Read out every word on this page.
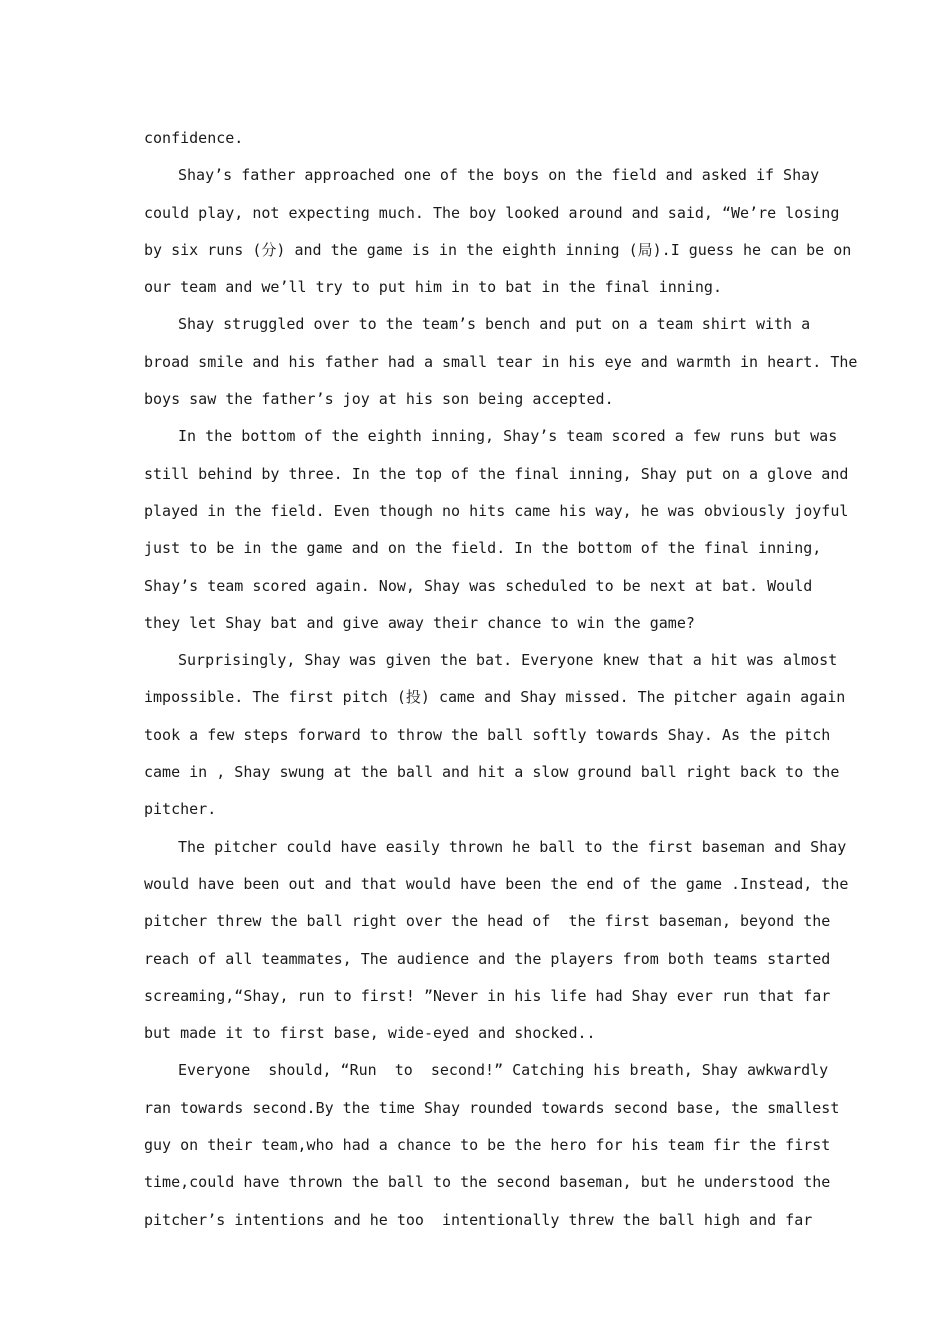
confidence.
Shay’s father approached one of the boys on the field and asked if Shay
could play, not expecting much. The boy looked around and said, “We’re losing
by six runs (分) and the game is in the eighth inning (局).I guess he can be on
our team and we’ll try to put him in to bat in the final inning.
Shay struggled over to the team’s bench and put on a team shirt with a
broad smile and his father had a small tear in his eye and warmth in heart. The
boys saw the father’s joy at his son being accepted.
In the bottom of the eighth inning, Shay’s team scored a few runs but was
still behind by three. In the top of the final inning, Shay put on a glove and
played in the field. Even though no hits came his way, he was obviously joyful
just to be in the game and on the field. In the bottom of the final inning,
Shay’s team scored again. Now, Shay was scheduled to be next at bat. Would
they let Shay bat and give away their chance to win the game?
Surprisingly, Shay was given the bat. Everyone knew that a hit was almost
impossible. The first pitch (投) came and Shay missed. The pitcher again again
took a few steps forward to throw the ball softly towards Shay. As the pitch
came in , Shay swung at the ball and hit a slow ground ball right back to the
pitcher.
The pitcher could have easily thrown he ball to the first baseman and Shay
would have been out and that would have been the end of the game .Instead, the
pitcher threw the ball right over the head of  the first baseman, beyond the
reach of all teammates, The audience and the players from both teams started
screaming,“Shay, run to first! ”Never in his life had Shay ever run that far
but made it to first base, wide-eyed and shocked..
Everyone  should, “Run  to  second!” Catching his breath, Shay awkwardly
ran towards second.By the time Shay rounded towards second base, the smallest
guy on their team,who had a chance to be the hero for his team fir the first
time,could have thrown the ball to the second baseman, but he understood the
pitcher’s intentions and he too  intentionally threw the ball high and far
